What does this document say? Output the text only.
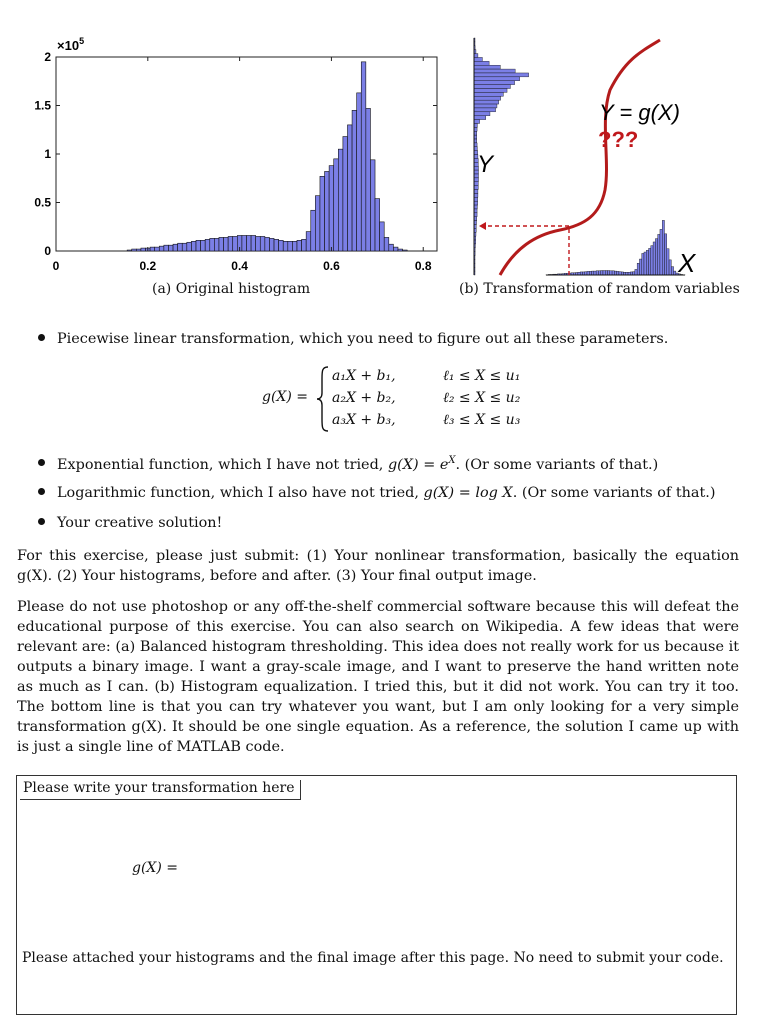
0	0.2	0.4	0.6	0.8
0
0.5
1
1.5
2
$\times 10^5$
(a) Original histogram
Y
X
Y = g(X)
???
(b) Transformation of random variables
Piecewise linear transformation, which you need to figure out all these parameters.
g(X) =
a₁X + b₁,	ℓ₁ ≤ X ≤ u₁
a₂X + b₂,	ℓ₂ ≤ X ≤ u₂
a₃X + b₃,	ℓ₃ ≤ X ≤ u₃
Exponential function, which I have not tried, $g(X) = e^X$. (Or some variants of that.)
Logarithmic function, which I also have not tried, g(X) = log X. (Or some variants of that.)
Your creative solution!
For this exercise, please just submit: (1) Your nonlinear transformation, basically the equation g(X). (2) Your histograms, before and after. (3) Your final output image.
Please do not use photoshop or any off-the-shelf commercial software because this will defeat the educational purpose of this exercise. You can also search on Wikipedia. A few ideas that were relevant are: (a) Balanced histogram thresholding. This idea does not really work for us because it outputs a binary image. I want a gray-scale image, and I want to preserve the hand written note as much as I can. (b) Histogram equalization. I tried this, but it did not work. You can try it too. The bottom line is that you can try whatever you want, but I am only looking for a very simple transformation g(X). It should be one single equation. As a reference, the solution I came up with is just a single line of MATLAB code.
Please write your transformation here
g(X) =
Please attached your histograms and the final image after this page. No need to submit your code.
